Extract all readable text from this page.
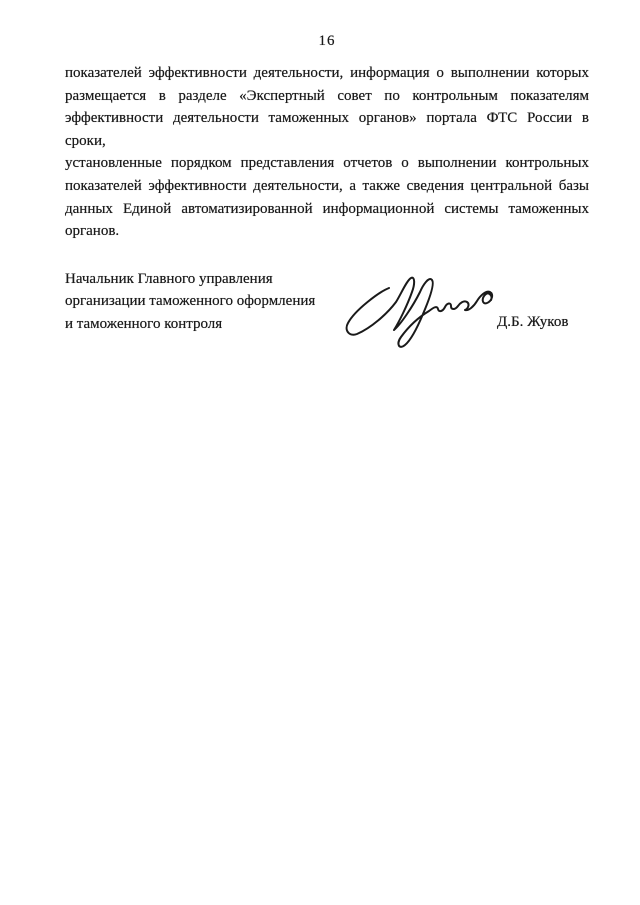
16
показателей эффективности деятельности, информация о выполнении которых
размещается в разделе «Экспертный совет по контрольным показателям
эффективности деятельности таможенных органов» портала ФТС России в сроки,
установленные порядком представления отчетов о выполнении контрольных
показателей эффективности деятельности, а также сведения центральной базы
данных Единой автоматизированной информационной системы таможенных
органов.
Начальник Главного управления
организации таможенного оформления
и таможенного контроля	Д.Б. Жуков
